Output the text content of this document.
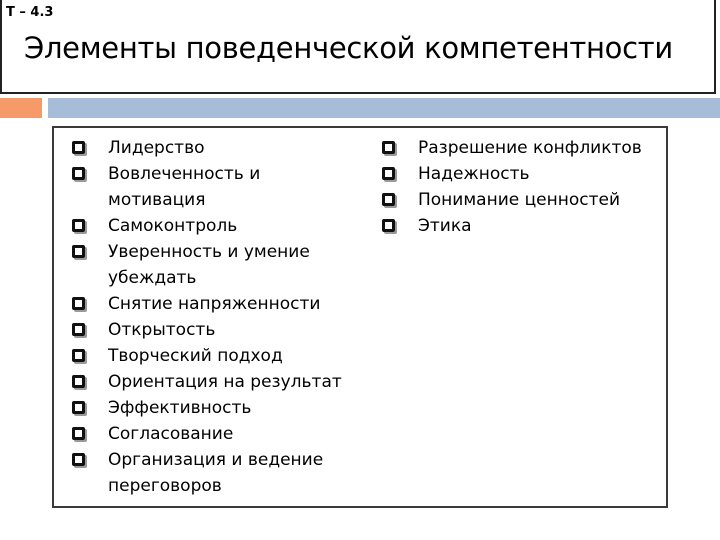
T – 4.3
Элементы поведенческой компетентности
Лидерство
Вовлеченность и мотивация
Самоконтроль
Уверенность и умение убеждать
Снятие напряженности
Открытость
Творческий подход
Ориентация на результат
Эффективность
Согласование
Организация и ведение переговоров
Разрешение конфликтов
Надежность
Понимание ценностей
Этика
